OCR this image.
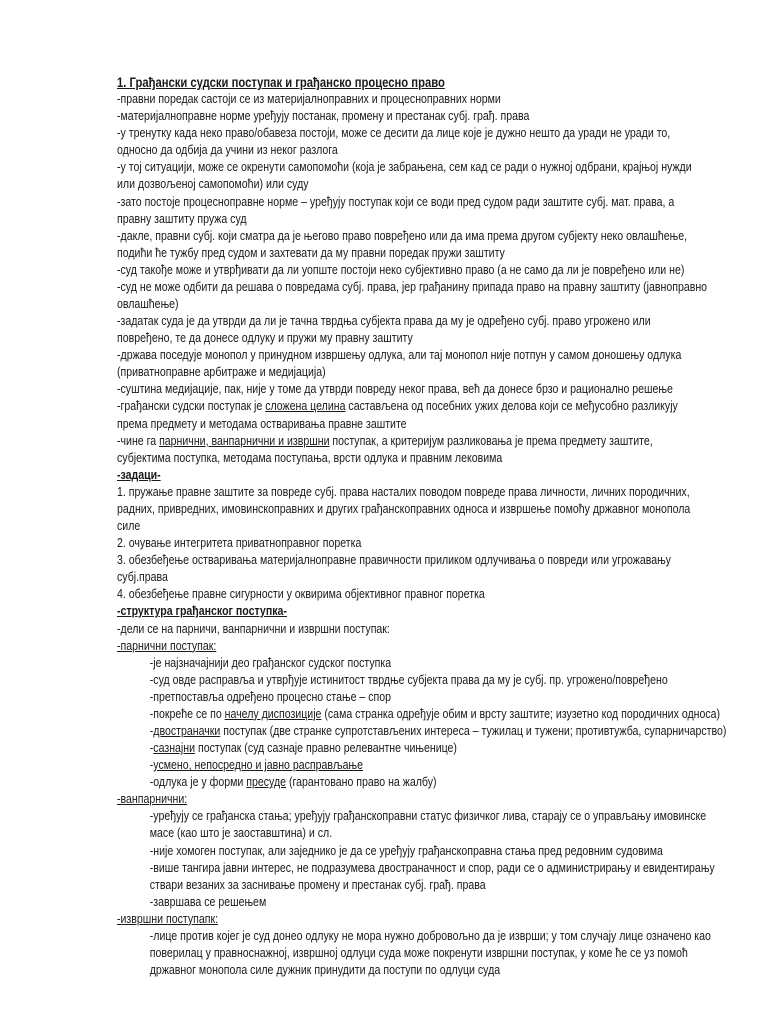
1. Грађански судски поступак и грађанско процесно право
-правни поредак састоји се из материјалноправних и процесноправних норми
-материјалноправне норме уређују постанак, промену и престанак субј. грађ. права
-у тренутку када неко право/обавеза постоји, може се десити да лице које је дужно нешто да уради не уради то,
односно да одбија да учини из неког разлога
-у тој ситуацији, може се окренути самопомоћи (која је забрањена, сем кад се ради о нужној одбрани, крајњој нужди
или дозвољеној самопомоћи) или суду
-зато постоје процесноправне норме – уређују поступак који се води пред судом ради заштите субј. мат. права, а
правну заштиту пружа суд
-дакле, правни субј. који сматра да је његово право повређено или да има према другом субјекту неко овлашћење,
подићи ће тужбу пред судом и захтевати да му правни поредак пружи заштиту
-суд такође може и утврђивати да ли уопште постоји неко субјективно право (а не само да ли је повређено или не)
-суд не може одбити да решава о повредама субј. права, јер грађанину припада право на правну заштиту (јавноправно
овлашћење)
-задатак суда је да утврди да ли је тачна тврдња субјекта права да му је одређено субј. право угрожено или
повређено, те да донесе одлуку и пружи му правну заштиту
-држава поседује монопол у принудном извршењу одлука, али тај монопол није потпун у самом доношењу одлука
(приватноправне арбитраже и медијација)
-суштина медијације, пак, није у томе да утврди повреду неког права, већ да донесе брзо и рационално решење
-грађански судски поступак је сложена целина састављена од посебних ужих делова који се међусобно разликују
према предмету и методама остваривања правне заштите
-чине га парнични, ванпарнични и извршни поступак, а критеријум разликовања је према предмету заштите,
субјектима поступка, методама поступања, врсти одлука и правним лековима
-задаци-
1. пружање правне заштите за повреде субј. права насталих поводом повреде права личности, личних породичних,
радних, привредних, имовинскоправних и других грађанскоправних односа и извршење помоћу државног монопола
силе
2. очување интегритета приватноправног поретка
3. обезбеђење остваривања материјалноправне правичности приликом одлучивања о повреди или угрожавању
субј.права
4. обезбеђење правне сигурности у оквирима објективног правног поретка
-структура грађанског поступка-
-дели се на парничи, ванпарнични и извршни поступак:
-парнични поступак:
-је најзначајнији део грађанског судског поступка
-суд овде расправља и утврђује истинитост тврдње субјекта права да му је субј. пр. угрожено/повређено
-претпоставља одређено процесно стање – спор
-покреће се по начелу диспозиције (сама странка одређује обим и врсту заштите; изузетно код породичних односа)
-двостраначки поступак (две странке супротстављених интереса – тужилац и тужени; противтужба, супарничарство)
-сазнајни поступак (суд сазнаје правно релевантне чињенице)
-усмено, непосредно и јавно расправљање
-одлука је у форми пресуде (гарантовано право на жалбу)
-ванпарнични:
-уређују се грађанска стања; уређују грађанскоправни статус физичког лива, старају се о управљању имовинске
масе (као што је заоставштина) и сл.
-није хомоген поступак, али заједнико је да се уређују грађанскоправна стања пред редовним судовима
-више тангира јавни интерес, не подразумева двостраначност и спор, ради се о администрирању и евидентирању
ствари везаних за заснивање промену и престанак субј. грађ. права
-завршава се решењем
-извршни поступапк:
-лице против којег је суд донео одлуку не мора нужно добровољно да је изврши; у том случају лице означено као
поверилац у правноснажној, извршној одлуци суда може покренути извршни поступак, у коме ће се уз помоћ
државног монопола силе дужник принудити да поступи по одлуци суда
